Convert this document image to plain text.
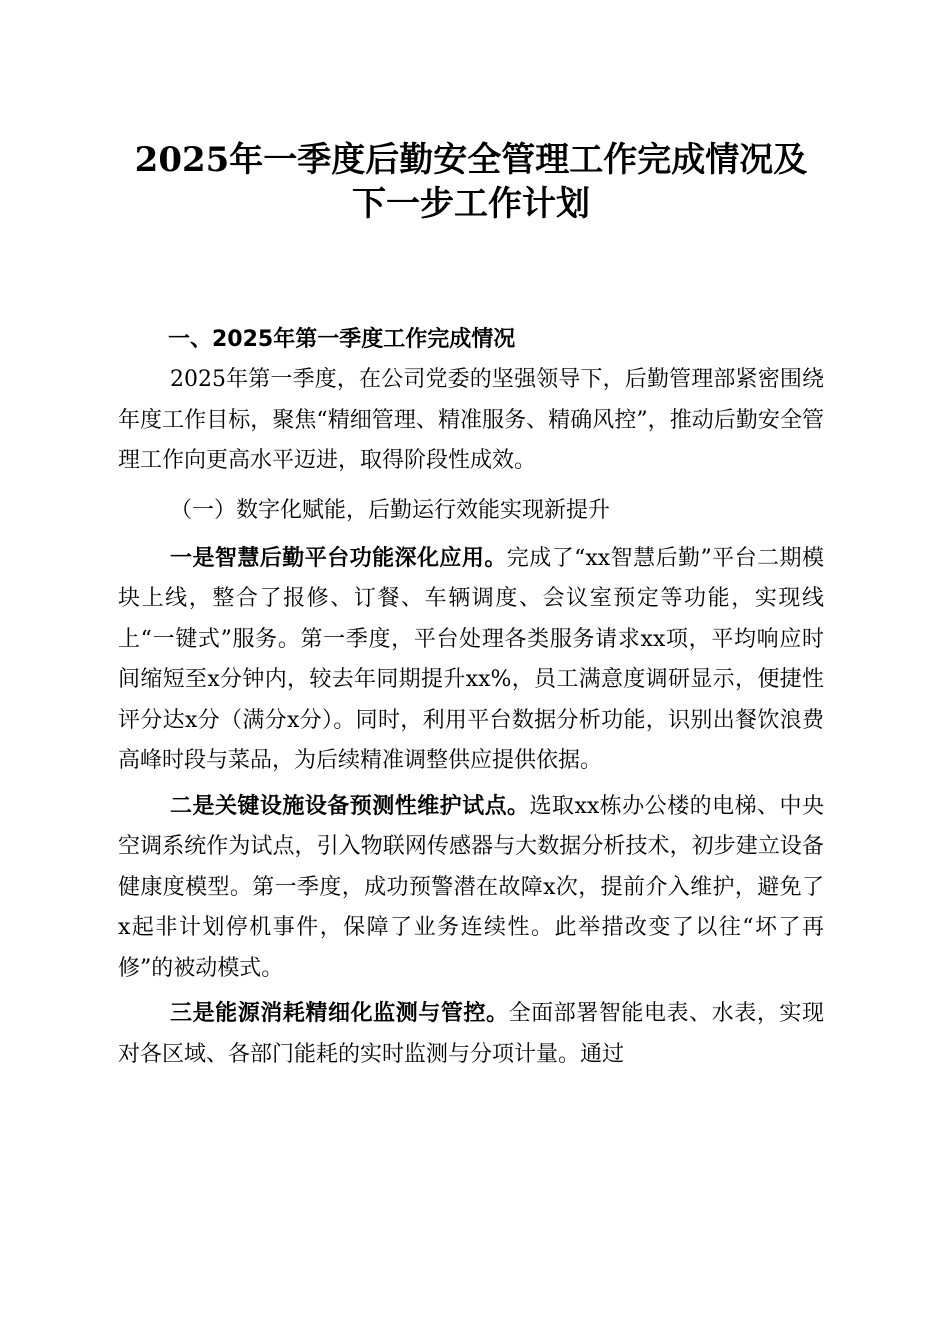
2025年一季度后勤安全管理工作完成情况及
下一步工作计划

一、2025年第一季度工作完成情况

2025年第一季度，在公司党委的坚强领导下，后勤管理部紧密围绕年度工作目标，聚焦“精细管理、精准服务、精确风控”，推动后勤安全管理工作向更高水平迈进，取得阶段性成效。

（一）数字化赋能，后勤运行效能实现新提升

一是智慧后勤平台功能深化应用。完成了“xx智慧后勤”平台二期模块上线，整合了报修、订餐、车辆调度、会议室预定等功能，实现线上“一键式”服务。第一季度，平台处理各类服务请求xx项，平均响应时间缩短至x分钟内，较去年同期提升xx%，员工满意度调研显示，便捷性评分达x分（满分x分）。同时，利用平台数据分析功能，识别出餐饮浪费高峰时段与菜品，为后续精准调整供应提供依据。

二是关键设施设备预测性维护试点。选取xx栋办公楼的电梯、中央空调系统作为试点，引入物联网传感器与大数据分析技术，初步建立设备健康度模型。第一季度，成功预警潜在故障x次，提前介入维护，避免了x起非计划停机事件，保障了业务连续性。此举措改变了以往“坏了再修”的被动模式。

三是能源消耗精细化监测与管控。全面部署智能电表、水表，实现对各区域、各部门能耗的实时监测与分项计量。通过
